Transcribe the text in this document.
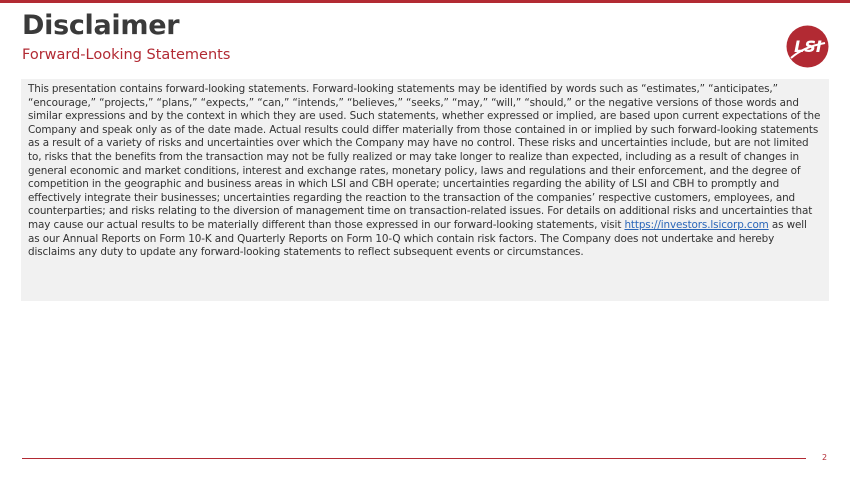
Disclaimer
Forward-Looking Statements	LSI

This presentation contains forward-looking statements. Forward-looking statements may be identified by words such as “estimates,” “anticipates,” “encourage,” “projects,” “plans,” “expects,” “can,” “intends,” “believes,” “seeks,” “may,” “will,” “should,” or the negative versions of those words and similar expressions and by the context in which they are used. Such statements, whether expressed or implied, are based upon current expectations of the Company and speak only as of the date made. Actual results could differ materially from those contained in or implied by such forward-looking statements as a result of a variety of risks and uncertainties over which the Company may have no control. These risks and uncertainties include, but are not limited to, risks that the benefits from the transaction may not be fully realized or may take longer to realize than expected, including as a result of changes in general economic and market conditions, interest and exchange rates, monetary policy, laws and regulations and their enforcement, and the degree of competition in the geographic and business areas in which LSI and CBH operate; uncertainties regarding the ability of LSI and CBH to promptly and effectively integrate their businesses; uncertainties regarding the reaction to the transaction of the companies’ respective customers, employees, and counterparties; and risks relating to the diversion of management time on transaction-related issues. For details on additional risks and uncertainties that may cause our actual results to be materially different than those expressed in our forward-looking statements, visit https://investors.lsicorp.com as well as our Annual Reports on Form 10-K and Quarterly Reports on Form 10-Q which contain risk factors. The Company does not undertake and hereby disclaims any duty to update any forward-looking statements to reflect subsequent events or circumstances.

2
